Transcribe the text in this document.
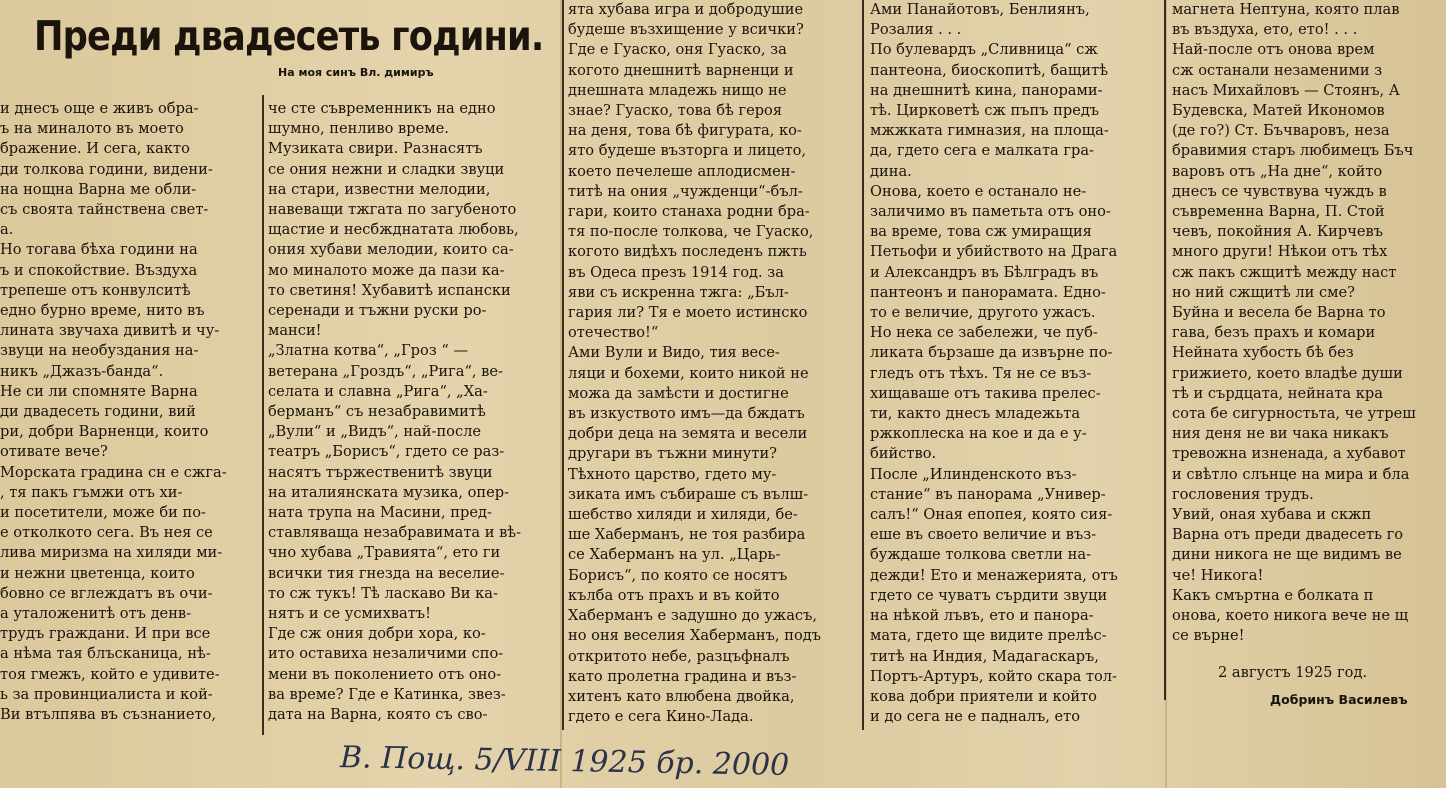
Преди двадесеть години.
На моя синъ Вл. димиръ

и днесъ още е живъ обра-

ъ на миналото въ моето

бражение. И сега, както

ди толкова години, видени-

на нощна Варна ме обли-

съ своята тайнствена свет-

а.

Но тогава бѣха години на

ъ и спокойствие. Въздуха

трепеше отъ конвулситѣ

едно бурно време, нито въ

лината звучаха дивитѣ и чу-

звуци на необуздания на-

никъ „Джазъ-банда“.

Не си ли спомняте Варна

ди двадесеть години, вий

ри, добри Варненци, които

отивате вече?

Морската градина сн е сжга-

, тя пакъ гъмжи отъ хи-

и посетители, може би по-

е отколкото сега. Въ нея се

лива миризма на хиляди ми-

и нежни цветенца, които

бовно се вглеждатъ въ очи-

а уталоженитѣ отъ денв-

трудъ граждани. И при все

а нѣма тая блъсканица, нѣ-

тоя гмежъ, който е удивите-

ь за провинциалиста и кой-

Ви втълпява въ съзнанието,

че сте съвременникъ на едно

шумно, пенливо време.

Музиката свири. Разнасятъ

се ония нежни и сладки звуци

на стари, известни мелодии,

навеващи тжгата по загубеното

щастие и несбжднатата любовь,

ония хубави мелодии, които са-

мо миналото може да пази ка-

то светиня! Хубавитѣ испански

серенади и тъжни руски ро-

манси!

„Златна котва“, „Гроз “ —

ветерана „Гроздъ“, „Рига“, ве-

селата и славна „Рига“, „Ха-

берманъ“ съ незабравимитѣ

„Вули“ и „Видъ“, най-после

театръ „Борисъ“, гдето се раз-

насятъ тържественитѣ звуци

на италиянската музика, опер-

ната трупа на Масини, пред-

ставляваща незабравимата и вѣ-

чно хубава „Травията“, ето ги

всички тия гнезда на веселие-

то сж тукъ! Тѣ ласкаво Ви ка-

нятъ и се усмихватъ!

Где сж ония добри хора, ко-

ито оставиха незаличими спо-

мени въ поколението отъ оно-

ва време? Где е Катинка, звез-

дата на Варна, която съ сво-

ята хубава игра и добродушие

будеше възхищение у всички?

Где е Гуаско, оня Гуаско, за

когото днешнитѣ варненци и

днешната младежь нищо не

знае? Гуаско, това бѣ героя

на деня, това бѣ фигурата, ко-

ято будеше възторга и лицето,

което печелеше аплодисмен-

титѣ на ония „чужденци“-бъл-

гари, които станаха родни бра-

тя по-после толкова, че Гуаско,

когото видѣхъ последенъ пжть

въ Одеса презъ 1914 год. за

яви съ искренна тжга: „Бъл-

гария ли? Тя е моето истинско

отечество!“

Ами Вули и Видо, тия весе-

ляци и бохеми, които никой не

можа да замѣсти и достигне

въ изкуството имъ—да бждатъ

добри деца на земята и весели

другари въ тъжни минути?

Тѣхното царство, гдето му-

зиката имъ събираше съ вълш-

шебство хиляди и хиляди, бе-

ше Хаберманъ, не тоя разбира

се Хаберманъ на ул. „Царь-

Борисъ“, по която се носятъ

кълба отъ прахъ и въ който

Хаберманъ е задушно до ужасъ,

но оня веселия Хаберманъ, подъ

откритото небе, разцъфналъ

като пролетна градина и въз-

хитенъ като влюбена двойка,

гдето е сега Кино-Лада.

Ами Панайотовъ, Бенлиянъ,

Розалия . . .

По булевардъ „Сливница“ сж

пантеона, биоскопитѣ, бащитѣ

на днешнитѣ кина, панорами-

тѣ. Цирковетѣ сж пъпъ предъ

мжжката гимназия, на площа-

да, гдето сега е малката гра-

дина.

Онова, което е останало не-

заличимо въ паметьта отъ оно-

ва време, това сж умиращия

Петьофи и убийството на Драга

и Александръ въ Бѣлградъ въ

пантеонъ и панорамата. Едно-

то е величие, другото ужасъ.

Но нека се забележи, че пуб-

ликата бързаше да извърне по-

гледъ отъ тѣхъ. Тя не се въз-

хищаваше отъ такива прелес-

ти, както днесъ младежьта

ржкоплеска на кое и да е у-

бийство.

После „Илинденското въз-

стание“ въ панорама „Универ-

салъ!“ Оная епопея, която сия-

еше въ своето величие и въз-

буждаше толкова светли на-

дежди! Ето и менажерията, отъ

гдето се чуватъ сърдити звуци

на нѣкой лъвъ, ето и панора-

мата, гдето ще видите прелѣс-

титѣ на Индия, Мадагаскаръ,

Портъ-Артуръ, който скара тол-

кова добри приятели и който

и до сега не е падналъ, ето

магнета Нептуна, която плав

въ въздуха, ето, ето! . . .

Най-после отъ онова врем

сж останали незаменими з

насъ Михайловъ — Стоянъ, А

Будевска, Матей Икономов

(де го?) Ст. Бъчваровъ, неза

бравимия старъ любимецъ Бъч

варовъ отъ „На дне“, който

днесъ се чувствува чуждъ в

съвременна Варна, П. Стой

чевъ, покойния А. Кирчевъ

много други! Нѣкои отъ тѣх

сж пакъ сжщитѣ между наст

но ний сжщитѣ ли сме?

Буйна и весела бе Варна то

гава, безъ прахъ и комари

Нейната хубость бѣ без

грижието, което владѣе души

тѣ и сърдцата, нейната кра

сота бе сигурностьта, че утреш

ния деня не ви чака никакъ

тревожна изненада, а хубавот

и свѣтло слънце на мира и бла

гословения трудъ.

Увий, оная хубава и скжп

Варна отъ преди двадесеть го

дини никога не ще видимъ ве

че! Никога!

Какъ смъртна е болката п

онова, което никога вече не щ

се върне!

2 августъ 1925 год.
Добринъ Василевъ
В. Пощ. 5/VIII 1925 бр. 2000
